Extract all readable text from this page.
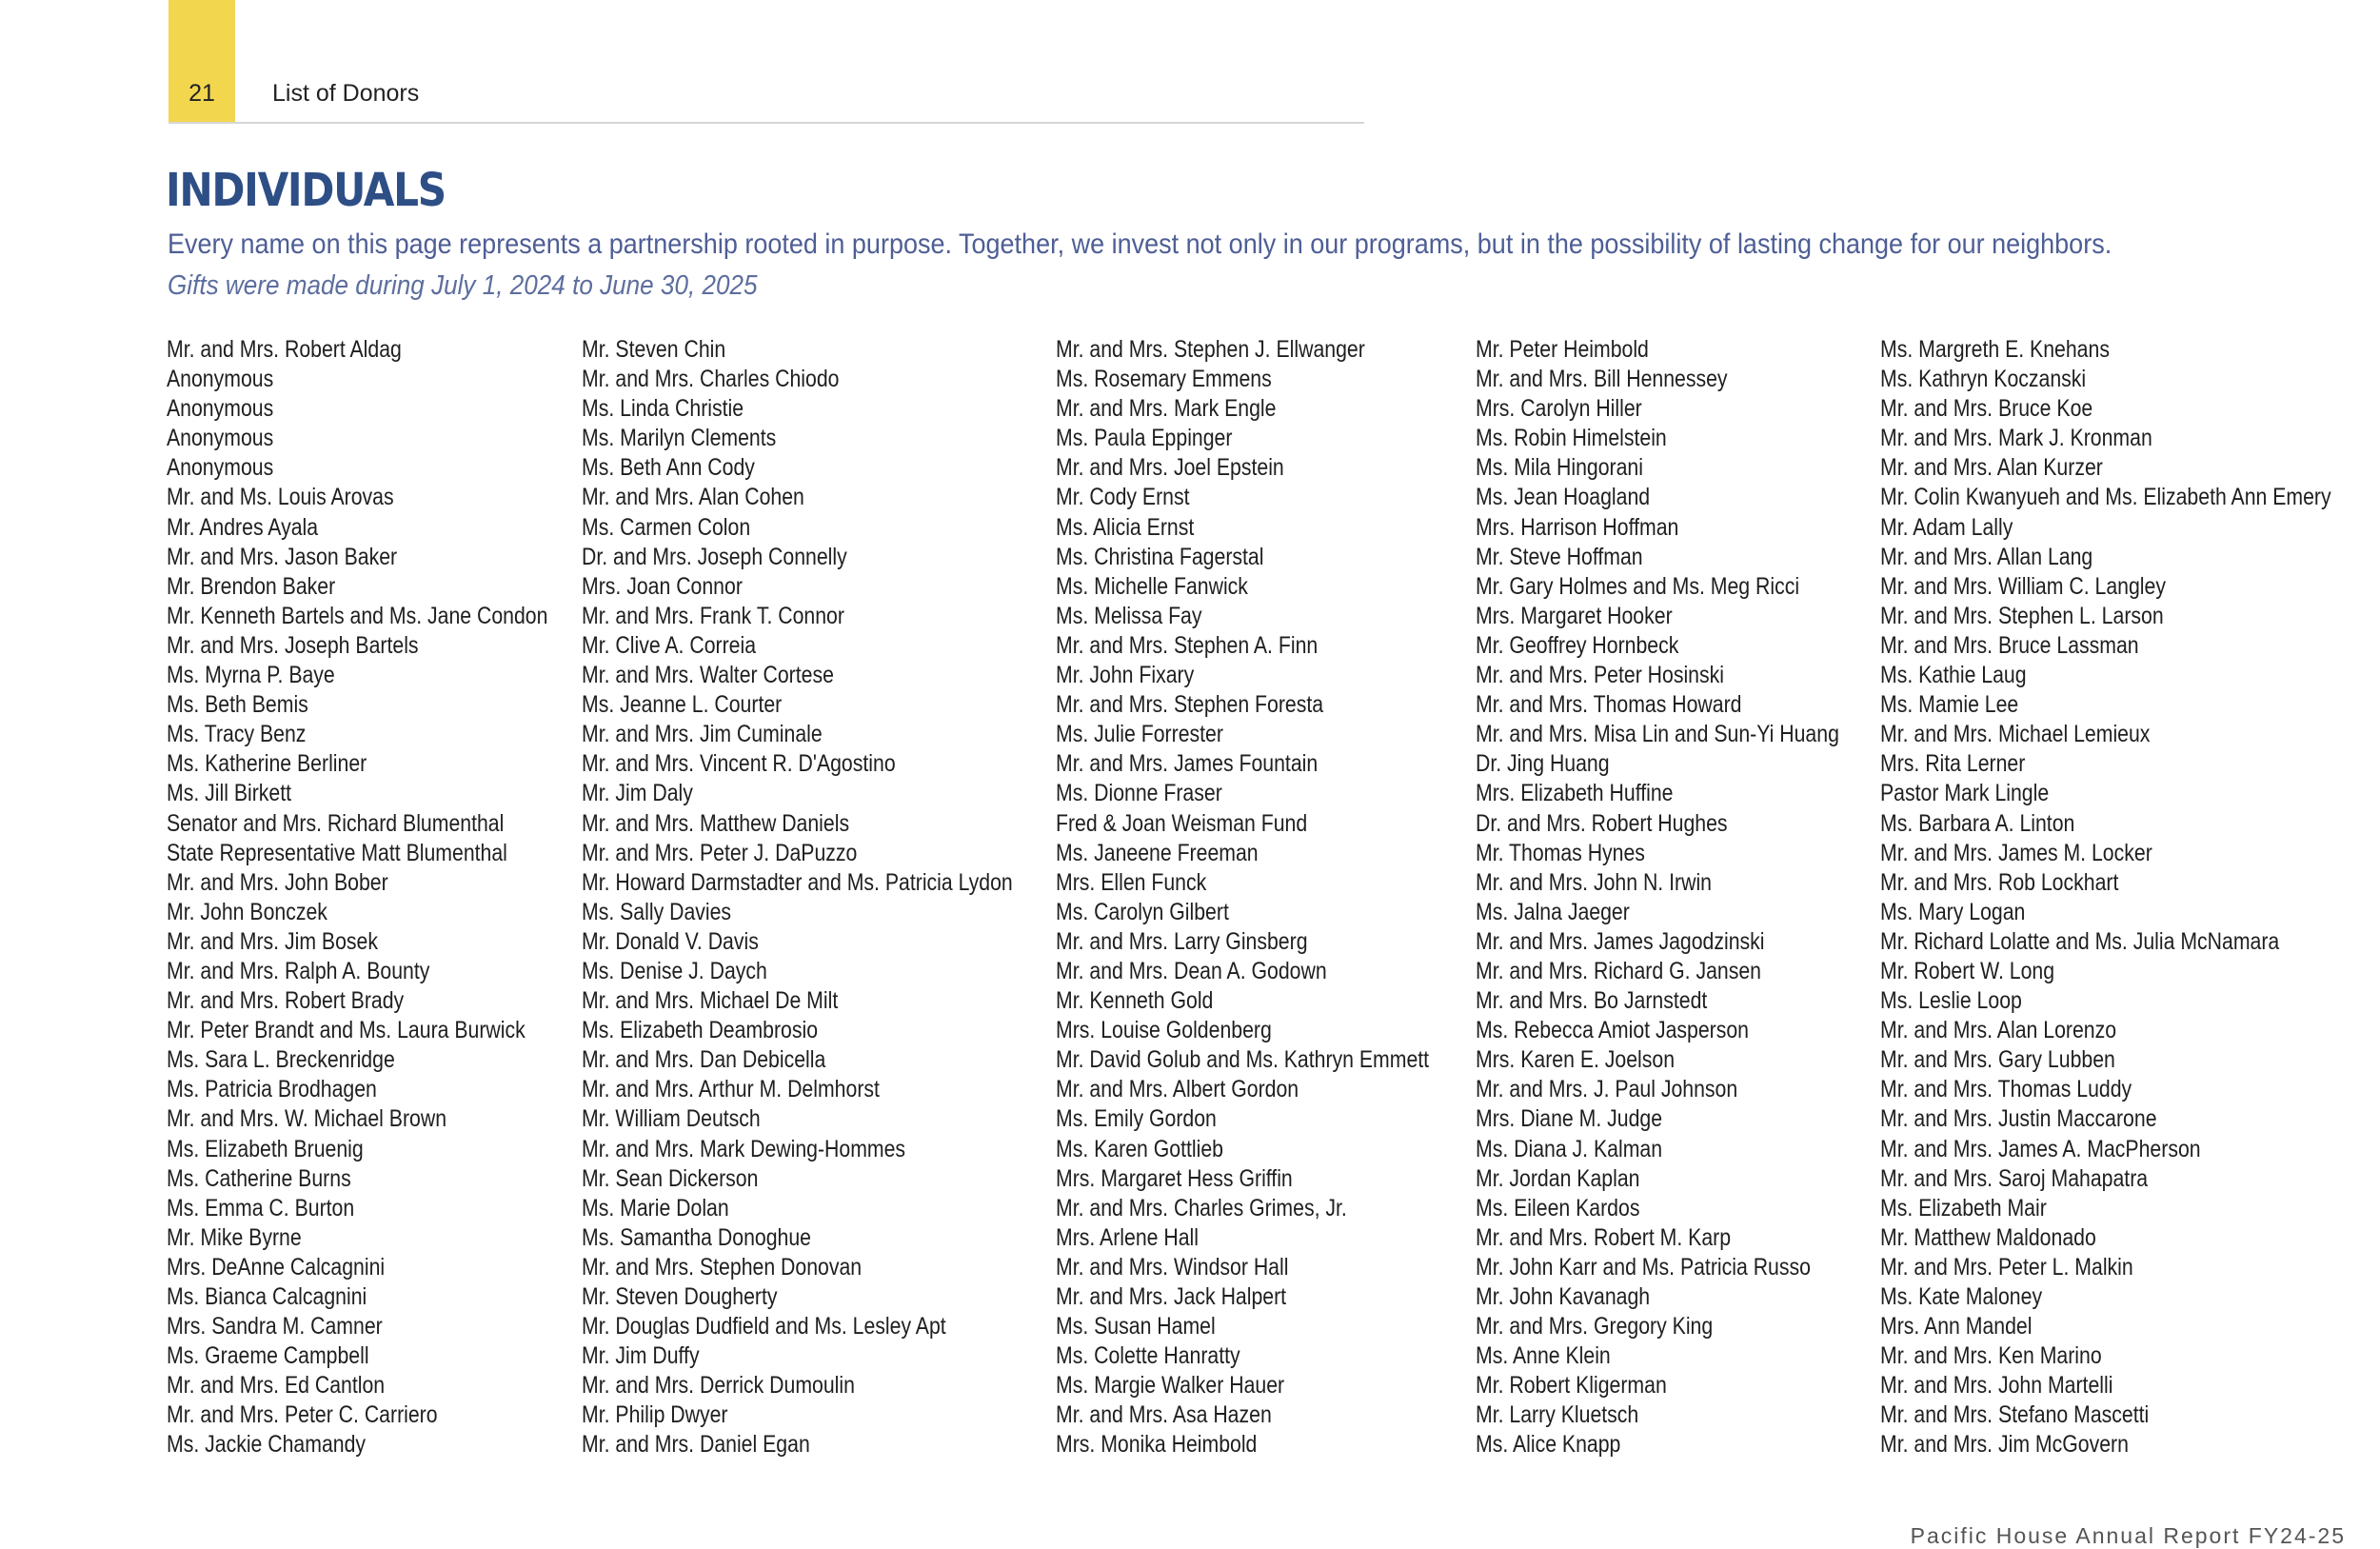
21	List of Donors
INDIVIDUALS
Every name on this page represents a partnership rooted in purpose. Together, we invest not only in our programs, but in the possibility of lasting change for our neighbors.
Gifts were made during July 1, 2024 to June 30, 2025
Mr. and Mrs. Robert Aldag
Anonymous
Anonymous
Anonymous
Anonymous
Mr. and Ms. Louis Arovas
Mr. Andres Ayala
Mr. and Mrs. Jason Baker
Mr. Brendon Baker
Mr. Kenneth Bartels and Ms. Jane Condon
Mr. and Mrs. Joseph Bartels
Ms. Myrna P. Baye
Ms. Beth Bemis
Ms. Tracy Benz
Ms. Katherine Berliner
Ms. Jill Birkett
Senator and Mrs. Richard Blumenthal
State Representative Matt Blumenthal
Mr. and Mrs. John Bober
Mr. John Bonczek
Mr. and Mrs. Jim Bosek
Mr. and Mrs. Ralph A. Bounty
Mr. and Mrs. Robert Brady
Mr. Peter Brandt and Ms. Laura Burwick
Ms. Sara L. Breckenridge
Ms. Patricia Brodhagen
Mr. and Mrs. W. Michael Brown
Ms. Elizabeth Bruenig
Ms. Catherine Burns
Ms. Emma C. Burton
Mr. Mike Byrne
Mrs. DeAnne Calcagnini
Ms. Bianca Calcagnini
Mrs. Sandra M. Camner
Ms. Graeme Campbell
Mr. and Mrs. Ed Cantlon
Mr. and Mrs. Peter C. Carriero
Ms. Jackie Chamandy
Mr. Steven Chin
Mr. and Mrs. Charles Chiodo
Ms. Linda Christie
Ms. Marilyn Clements
Ms. Beth Ann Cody
Mr. and Mrs. Alan Cohen
Ms. Carmen Colon
Dr. and Mrs. Joseph Connelly
Mrs. Joan Connor
Mr. and Mrs. Frank T. Connor
Mr. Clive A. Correia
Mr. and Mrs. Walter Cortese
Ms. Jeanne L. Courter
Mr. and Mrs. Jim Cuminale
Mr. and Mrs. Vincent R. D'Agostino
Mr. Jim Daly
Mr. and Mrs. Matthew Daniels
Mr. and Mrs. Peter J. DaPuzzo
Mr. Howard Darmstadter and Ms. Patricia Lydon
Ms. Sally Davies
Mr. Donald V. Davis
Ms. Denise J. Daych
Mr. and Mrs. Michael De Milt
Ms. Elizabeth Deambrosio
Mr. and Mrs. Dan Debicella
Mr. and Mrs. Arthur M. Delmhorst
Mr. William Deutsch
Mr. and Mrs. Mark Dewing-Hommes
Mr. Sean Dickerson
Ms. Marie Dolan
Ms. Samantha Donoghue
Mr. and Mrs. Stephen Donovan
Mr. Steven Dougherty
Mr. Douglas Dudfield and Ms. Lesley Apt
Mr. Jim Duffy
Mr. and Mrs. Derrick Dumoulin
Mr. Philip Dwyer
Mr. and Mrs. Daniel Egan
Mr. and Mrs. Stephen J. Ellwanger
Ms. Rosemary Emmens
Mr. and Mrs. Mark Engle
Ms. Paula Eppinger
Mr. and Mrs. Joel Epstein
Mr. Cody Ernst
Ms. Alicia Ernst
Ms. Christina Fagerstal
Ms. Michelle Fanwick
Ms. Melissa Fay
Mr. and Mrs. Stephen A. Finn
Mr. John Fixary
Mr. and Mrs. Stephen Foresta
Ms. Julie Forrester
Mr. and Mrs. James Fountain
Ms. Dionne Fraser
Fred & Joan Weisman Fund
Ms. Janeene Freeman
Mrs. Ellen Funck
Ms. Carolyn Gilbert
Mr. and Mrs. Larry Ginsberg
Mr. and Mrs. Dean A. Godown
Mr. Kenneth Gold
Mrs. Louise Goldenberg
Mr. David Golub and Ms. Kathryn Emmett
Mr. and Mrs. Albert Gordon
Ms. Emily Gordon
Ms. Karen Gottlieb
Mrs. Margaret Hess Griffin
Mr. and Mrs. Charles Grimes, Jr.
Mrs. Arlene Hall
Mr. and Mrs. Windsor Hall
Mr. and Mrs. Jack Halpert
Ms. Susan Hamel
Ms. Colette Hanratty
Ms. Margie Walker Hauer
Mr. and Mrs. Asa Hazen
Mrs. Monika Heimbold
Mr. Peter Heimbold
Mr. and Mrs. Bill Hennessey
Mrs. Carolyn Hiller
Ms. Robin Himelstein
Ms. Mila Hingorani
Ms. Jean Hoagland
Mrs. Harrison Hoffman
Mr. Steve Hoffman
Mr. Gary Holmes and Ms. Meg Ricci
Mrs. Margaret Hooker
Mr. Geoffrey Hornbeck
Mr. and Mrs. Peter Hosinski
Mr. and Mrs. Thomas Howard
Mr. and Mrs. Misa Lin and Sun-Yi Huang
Dr. Jing Huang
Mrs. Elizabeth Huffine
Dr. and Mrs. Robert Hughes
Mr. Thomas Hynes
Mr. and Mrs. John N. Irwin
Ms. Jalna Jaeger
Mr. and Mrs. James Jagodzinski
Mr. and Mrs. Richard G. Jansen
Mr. and Mrs. Bo Jarnstedt
Ms. Rebecca Amiot Jasperson
Mrs. Karen E. Joelson
Mr. and Mrs. J. Paul Johnson
Mrs. Diane M. Judge
Ms. Diana J. Kalman
Mr. Jordan Kaplan
Ms. Eileen Kardos
Mr. and Mrs. Robert M. Karp
Mr. John Karr and Ms. Patricia Russo
Mr. John Kavanagh
Mr. and Mrs. Gregory King
Ms. Anne Klein
Mr. Robert Kligerman
Mr. Larry Kluetsch
Ms. Alice Knapp
Ms. Margreth E. Knehans
Ms. Kathryn Koczanski
Mr. and Mrs. Bruce Koe
Mr. and Mrs. Mark J. Kronman
Mr. and Mrs. Alan Kurzer
Mr. Colin Kwanyueh and Ms. Elizabeth Ann Emery
Mr. Adam Lally
Mr. and Mrs. Allan Lang
Mr. and Mrs. William C. Langley
Mr. and Mrs. Stephen L. Larson
Mr. and Mrs. Bruce Lassman
Ms. Kathie Laug
Ms. Mamie Lee
Mr. and Mrs. Michael Lemieux
Mrs. Rita Lerner
Pastor Mark Lingle
Ms. Barbara A. Linton
Mr. and Mrs. James M. Locker
Mr. and Mrs. Rob Lockhart
Ms. Mary Logan
Mr. Richard Lolatte and Ms. Julia McNamara
Mr. Robert W. Long
Ms. Leslie Loop
Mr. and Mrs. Alan Lorenzo
Mr. and Mrs. Gary Lubben
Mr. and Mrs. Thomas Luddy
Mr. and Mrs. Justin Maccarone
Mr. and Mrs. James A. MacPherson
Mr. and Mrs. Saroj Mahapatra
Ms. Elizabeth Mair
Mr. Matthew Maldonado
Mr. and Mrs. Peter L. Malkin
Ms. Kate Maloney
Mrs. Ann Mandel
Mr. and Mrs. Ken Marino
Mr. and Mrs. John Martelli
Mr. and Mrs. Stefano Mascetti
Mr. and Mrs. Jim McGovern
Pacific House Annual Report FY24-25
